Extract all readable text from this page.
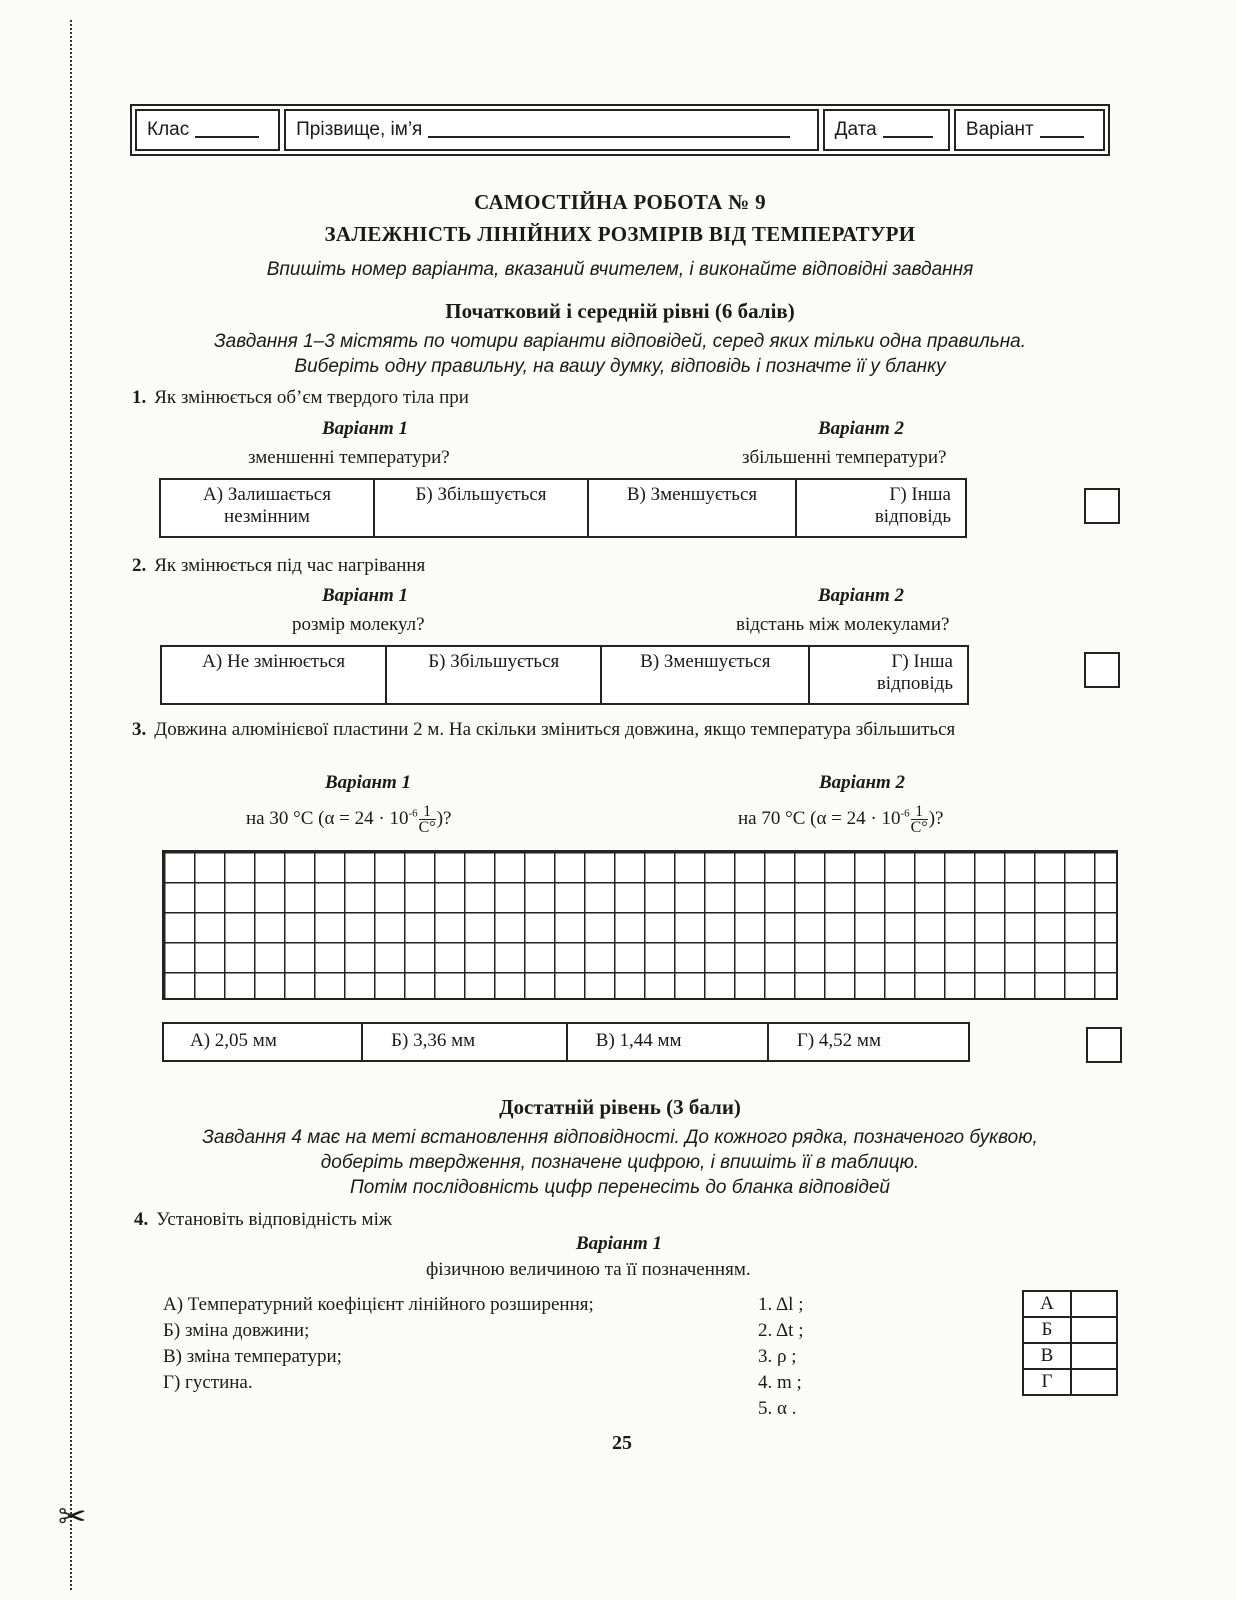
✂
Клас	Прізвище, ім’я	Дата	Варіант
САМОСТІЙНА РОБОТА № 9
ЗАЛЕЖНІСТЬ ЛІНІЙНИХ РОЗМІРІВ ВІД ТЕМПЕРАТУРИ
Впишіть номер варіанта, вказаний вчителем, і виконайте відповідні завдання
Початковий і середній рівні (6 балів)
Завдання 1–3 містять по чотири варіанти відповідей, серед яких тільки одна правильна.
Виберіть одну правильну, на вашу думку, відповідь і позначте її у бланку
1. Як змінюється об’єм твердого тіла при
Варіант 1
зменшенні температури?
Варіант 2
збільшенні температури?
А) Залишається незмінним	Б) Збільшується	В) Зменшується	Г) Інша відповідь
2. Як змінюється під час нагрівання
Варіант 1
розмір молекул?
Варіант 2
відстань між молекулами?
А) Не змінюється	Б) Збільшується	В) Зменшується	Г) Інша відповідь
3. Довжина алюмінієвої пластини 2 м. На скільки зміниться довжина, якщо температура збільшиться
Варіант 1	Варіант 2
на 30 °С ($\alpha = 24 \cdot 10^{-6} \frac{1}{С^\circ}$ )?	на 70 °С ($\alpha = 24 \cdot 10^{-6} \frac{1}{С^\circ}$ )?
А) 2,05 мм	Б) 3,36 мм	В) 1,44 мм	Г) 4,52 мм
Достатній рівень (3 бали)
Завдання 4 має на меті встановлення відповідності. До кожного рядка, позначеного буквою,
доберіть твердження, позначене цифрою, і впишіть її в таблицю.
Потім послідовність цифр перенесіть до бланка відповідей
4. Установіть відповідність між
Варіант 1
фізичною величиною та її позначенням.
А) Температурний коефіцієнт лінійного розширення;
Б) зміна довжини;
В) зміна температури;
Г) густина.
1. Δl ;
2. Δt ;
3. ρ ;
4. m ;
5. α .
А	
Б	
В	
Г	
25
